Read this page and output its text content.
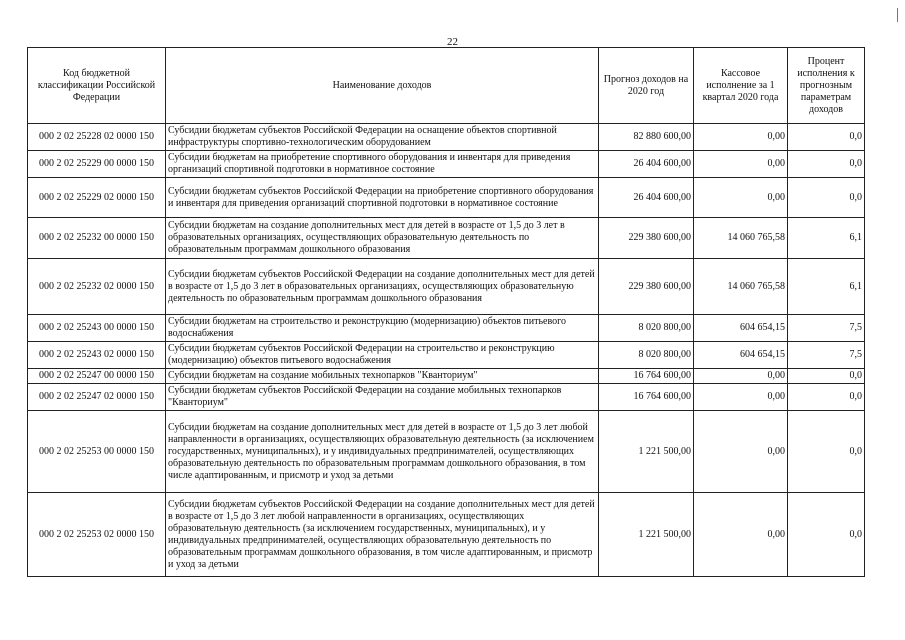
22
Код бюджетной классификации Российской Федерации	Наименование доходов	Прогноз доходов на 2020 год	Кассовое исполнение за 1 квартал 2020 года	Процент исполнения к прогнозным параметрам доходов
000 2 02 25228 02 0000 150	Субсидии бюджетам субъектов Российской Федерации на оснащение объектов спортивной инфраструктуры спортивно-технологическим оборудованием	82 880 600,00	0,00	0,0
000 2 02 25229 00 0000 150	Субсидии бюджетам на приобретение спортивного оборудования и инвентаря для приведения организаций спортивной подготовки в нормативное состояние	26 404 600,00	0,00	0,0
000 2 02 25229 02 0000 150	Субсидии бюджетам субъектов Российской Федерации на приобретение спортивного оборудования и инвентаря для приведения организаций спортивной подготовки в нормативное состояние	26 404 600,00	0,00	0,0
000 2 02 25232 00 0000 150	Субсидии бюджетам на создание дополнительных мест для детей в возрасте от 1,5 до 3 лет в образовательных организациях, осуществляющих образовательную деятельность по образовательным программам дошкольного образования	229 380 600,00	14 060 765,58	6,1
000 2 02 25232 02 0000 150	Субсидии бюджетам субъектов Российской Федерации на создание дополнительных мест для детей в возрасте от 1,5 до 3 лет в образовательных организациях, осуществляющих образовательную деятельность по образовательным программам дошкольного образования	229 380 600,00	14 060 765,58	6,1
000 2 02 25243 00 0000 150	Субсидии бюджетам на строительство и реконструкцию (модернизацию) объектов питьевого водоснабжения	8 020 800,00	604 654,15	7,5
000 2 02 25243 02 0000 150	Субсидии бюджетам субъектов Российской Федерации на строительство и реконструкцию (модернизацию) объектов питьевого водоснабжения	8 020 800,00	604 654,15	7,5
000 2 02 25247 00 0000 150	Субсидии бюджетам на создание мобильных технопарков "Кванториум"	16 764 600,00	0,00	0,0
000 2 02 25247 02 0000 150	Субсидии бюджетам субъектов Российской Федерации на создание мобильных технопарков "Кванториум"	16 764 600,00	0,00	0,0
000 2 02 25253 00 0000 150	Субсидии бюджетам на создание дополнительных мест для детей в возрасте от 1,5 до 3 лет любой направленности в организациях, осуществляющих образовательную деятельность (за исключением государственных, муниципальных), и у индивидуальных предпринимателей, осуществляющих образовательную деятельность по образовательным программам дошкольного образования, в том числе адаптированным, и присмотр и уход за детьми	1 221 500,00	0,00	0,0
000 2 02 25253 02 0000 150	Субсидии бюджетам субъектов Российской Федерации на создание дополнительных мест для детей в возрасте от 1,5 до 3 лет любой направленности в организациях, осуществляющих образовательную деятельность (за исключением государственных, муниципальных), и у индивидуальных предпринимателей, осуществляющих образовательную деятельность по образовательным программам дошкольного образования, в том числе адаптированным, и присмотр и уход за детьми	1 221 500,00	0,00	0,0
